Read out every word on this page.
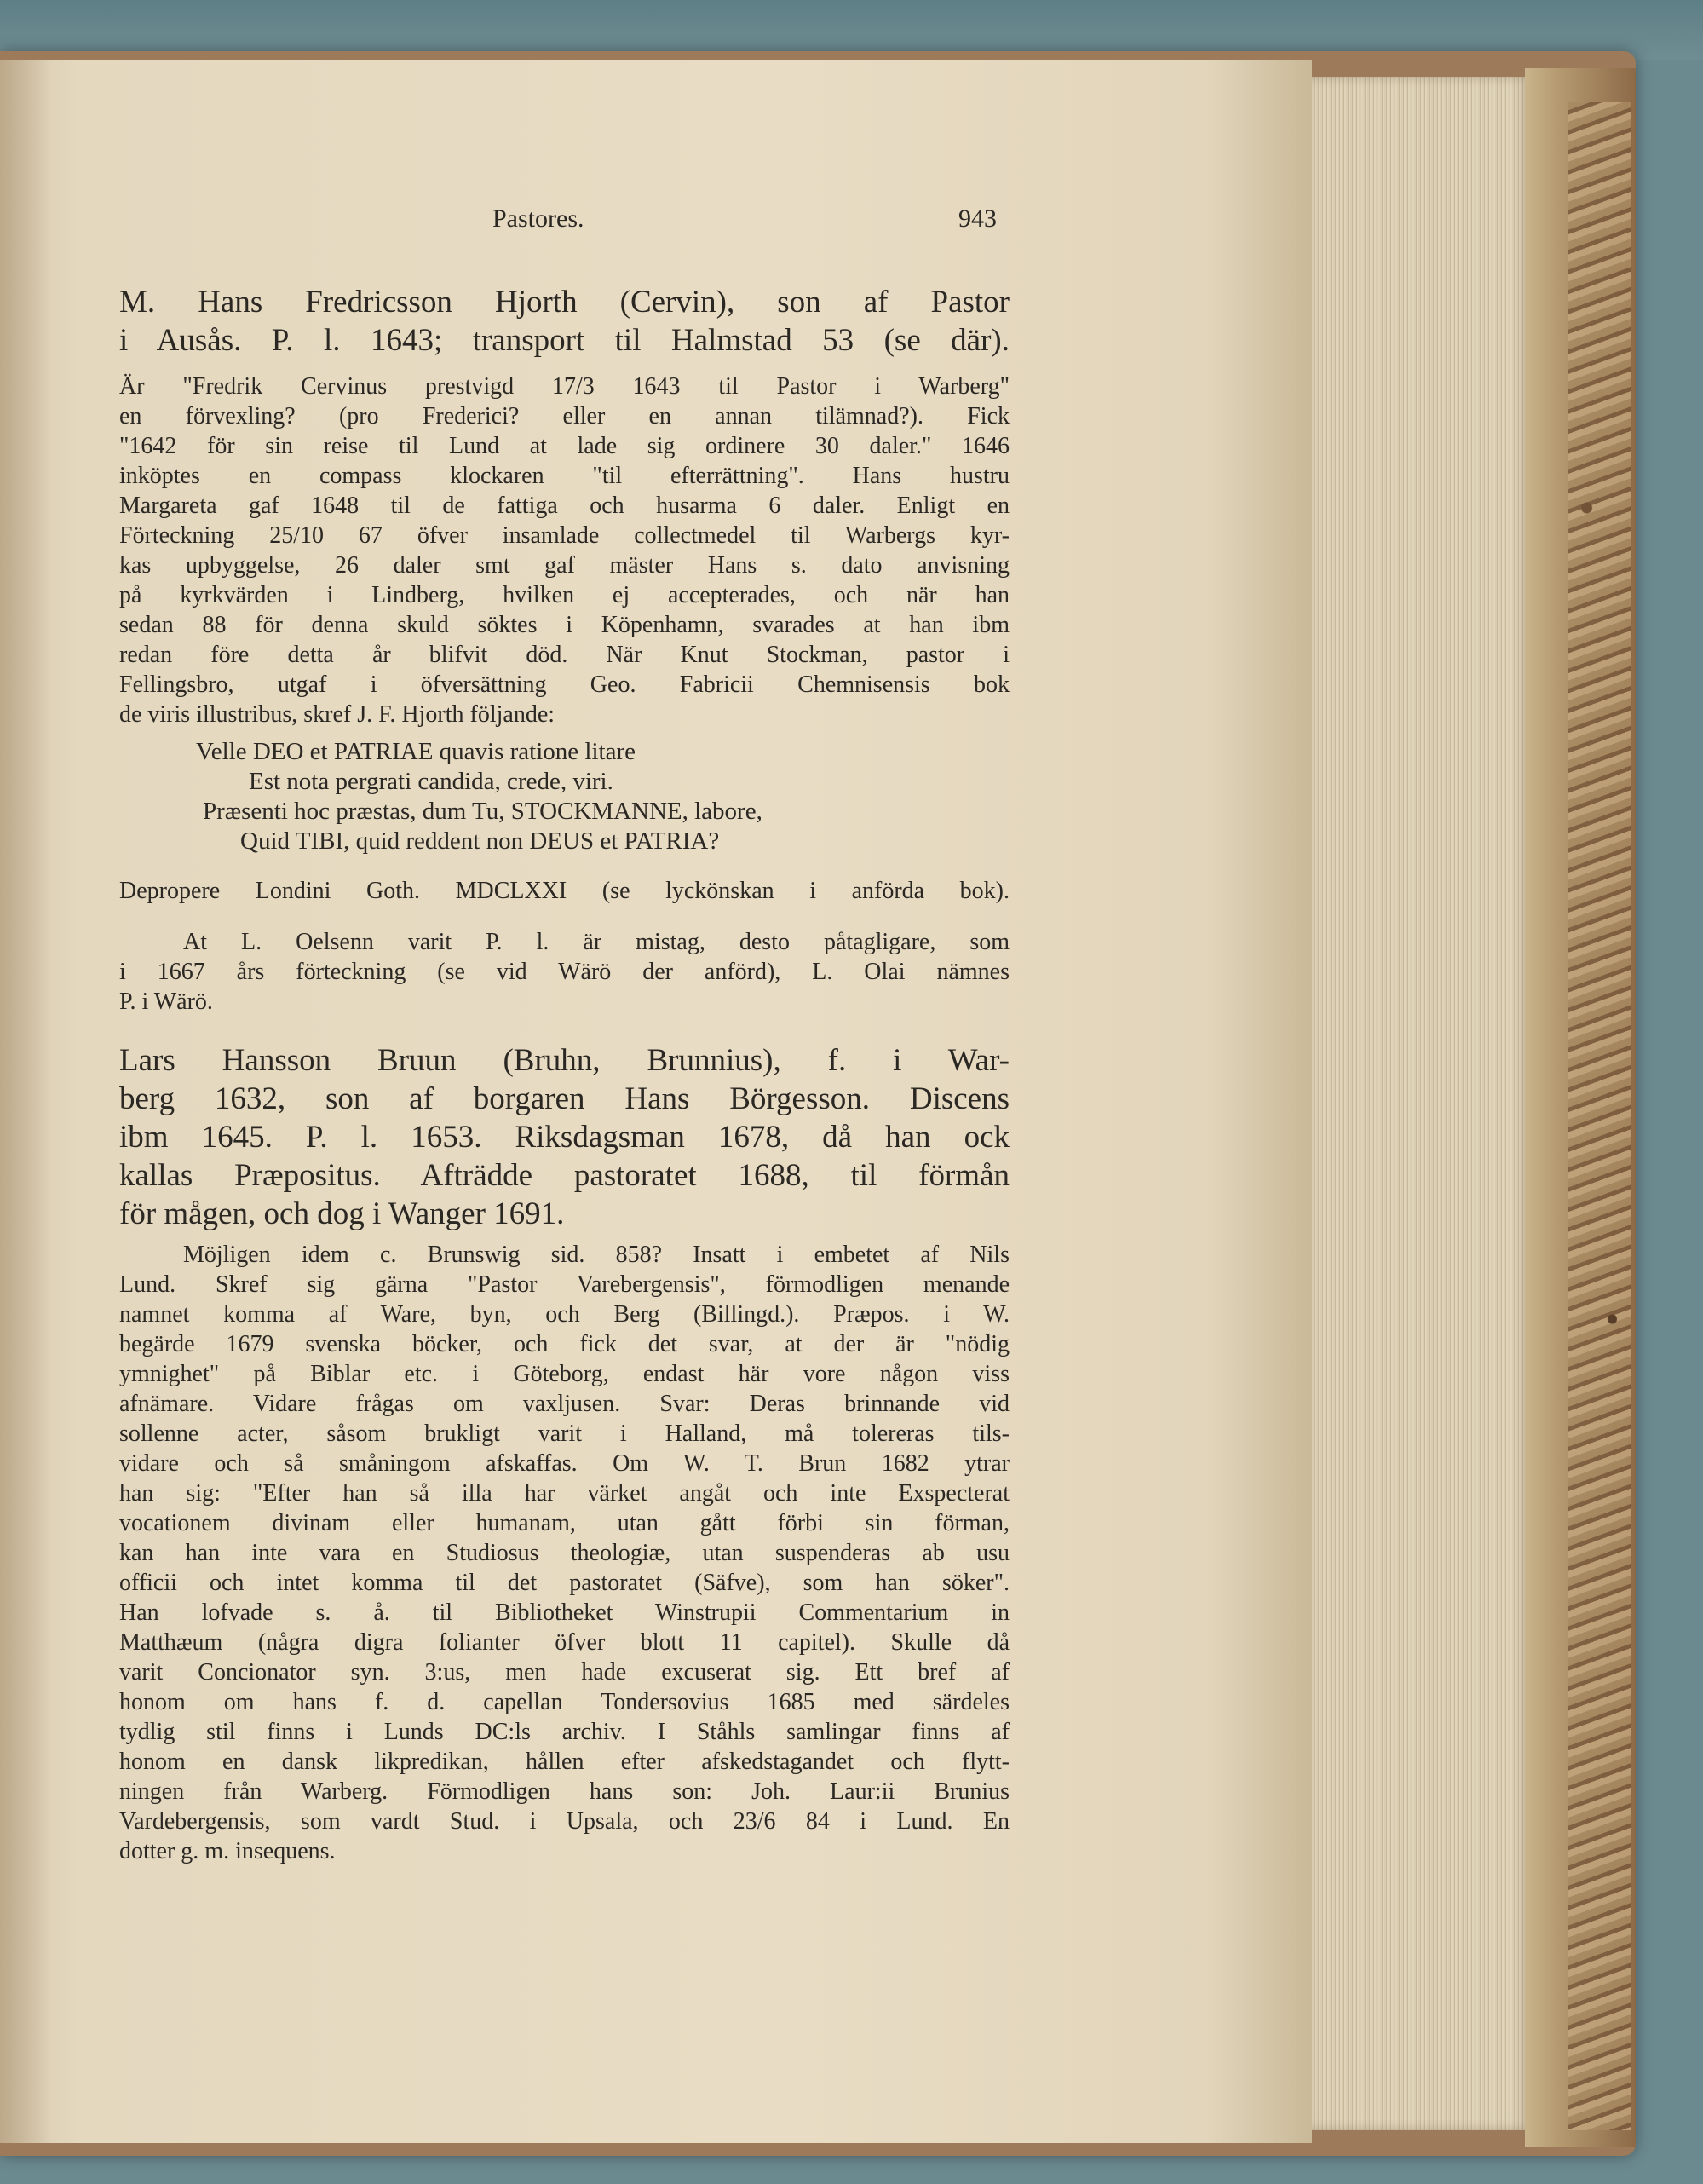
Pastores.	943
M. Hans Fredricsson Hjorth (Cervin), son af Pastor
i Ausås. P. l. 1643; transport til Halmstad 53 (se där).
Är "Fredrik Cervinus prestvigd 17/3 1643 til Pastor i Warberg"
en förvexling? (pro Frederici? eller en annan tilämnad?). Fick
"1642 för sin reise til Lund at lade sig ordinere 30 daler." 1646
inköptes en compass klockaren "til efterrättning". Hans hustru
Margareta gaf 1648 til de fattiga och husarma 6 daler. Enligt en
Förteckning 25/10 67 öfver insamlade collectmedel til Warbergs kyr-
kas upbyggelse, 26 daler smt gaf mäster Hans s. dato anvisning
på kyrkvärden i Lindberg, hvilken ej accepterades, och när han
sedan 88 för denna skuld söktes i Köpenhamn, svarades at han ibm
redan före detta år blifvit död. När Knut Stockman, pastor i
Fellingsbro, utgaf i öfversättning Geo. Fabricii Chemnisensis bok
de viris illustribus, skref J. F. Hjorth följande:
Velle DEO et PATRIAE quavis ratione litare
Est nota pergrati candida, crede, viri.
Præsenti hoc præstas, dum Tu, STOCKMANNE, labore,
Quid TIBI, quid reddent non DEUS et PATRIA?
Depropere Londini Goth. MDCLXXI (se lyckönskan i anförda bok).
At L. Oelsenn varit P. l. är mistag, desto påtagligare, som
i 1667 års förteckning (se vid Wärö der anförd), L. Olai nämnes
P. i Wärö.
Lars Hansson Bruun (Bruhn, Brunnius), f. i War-
berg 1632, son af borgaren Hans Börgesson. Discens
ibm 1645. P. l. 1653. Riksdagsman 1678, då han ock
kallas Præpositus. Afträdde pastoratet 1688, til förmån
för mågen, och dog i Wanger 1691.
Möjligen idem c. Brunswig sid. 858? Insatt i embetet af Nils
Lund. Skref sig gärna "Pastor Varebergensis", förmodligen menande
namnet komma af Ware, byn, och Berg (Billingd.). Præpos. i W.
begärde 1679 svenska böcker, och fick det svar, at der är "nödig
ymnighet" på Biblar etc. i Göteborg, endast här vore någon viss
afnämare. Vidare frågas om vaxljusen. Svar: Deras brinnande vid
sollenne acter, såsom brukligt varit i Halland, må tolereras tils-
vidare och så småningom afskaffas. Om W. T. Brun 1682 ytrar
han sig: "Efter han så illa har värket angåt och inte Exspecterat
vocationem divinam eller humanam, utan gått förbi sin förman,
kan han inte vara en Studiosus theologiæ, utan suspenderas ab usu
officii och intet komma til det pastoratet (Säfve), som han söker".
Han lofvade s. å. til Bibliotheket Winstrupii Commentarium in
Matthæum (några digra folianter öfver blott 11 capitel). Skulle då
varit Concionator syn. 3:us, men hade excuserat sig. Ett bref af
honom om hans f. d. capellan Tondersovius 1685 med särdeles
tydlig stil finns i Lunds DC:ls archiv. I Ståhls samlingar finns af
honom en dansk likpredikan, hållen efter afskedstagandet och flytt-
ningen från Warberg. Förmodligen hans son: Joh. Laur:ii Brunius
Vardebergensis, som vardt Stud. i Upsala, och 23/6 84 i Lund. En
dotter g. m. insequens.
